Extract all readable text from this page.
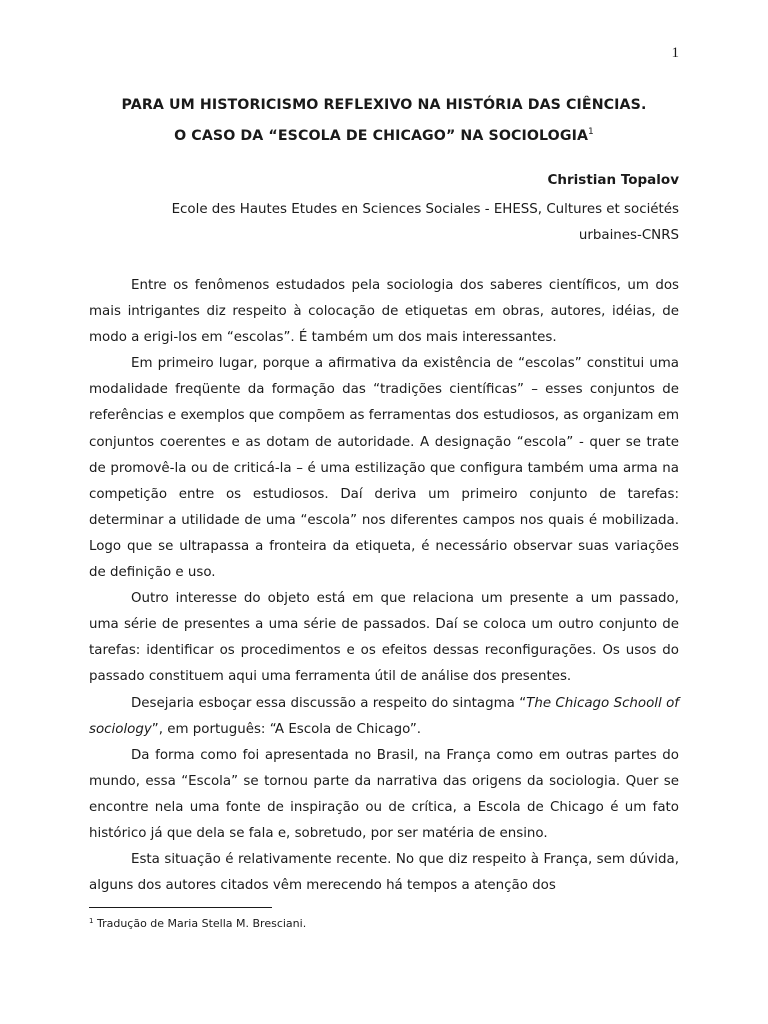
1
PARA UM HISTORICISMO REFLEXIVO NA HISTÓRIA DAS CIÊNCIAS.
O CASO DA “ESCOLA DE CHICAGO” NA SOCIOLOGIA$^1$
Christian Topalov
Ecole des Hautes Etudes en Sciences Sociales - EHESS, Cultures et sociétés
urbaines-CNRS

Entre os fenômenos estudados pela sociologia dos saberes científicos, um dos mais intrigantes diz respeito à colocação de etiquetas em obras, autores, idéias, de modo a erigi-los em “escolas”. É também um dos mais interessantes.

Em primeiro lugar, porque a afirmativa da existência de “escolas” constitui uma modalidade freqüente da formação das “tradições científicas” – esses conjuntos de referências e exemplos que compõem as ferramentas dos estudiosos, as organizam em conjuntos coerentes e as dotam de autoridade. A designação “escola” - quer se trate de promovê-la ou de criticá-la – é uma estilização que configura também uma arma na competição entre os estudiosos. Daí deriva um primeiro conjunto de tarefas: determinar a utilidade de uma “escola” nos diferentes campos nos quais é mobilizada. Logo que se ultrapassa a fronteira da etiqueta, é necessário observar suas variações de definição e uso.

Outro interesse do objeto está em que relaciona um presente a um passado, uma série de presentes a uma série de passados. Daí se coloca um outro conjunto de tarefas: identificar os procedimentos e os efeitos dessas reconfigurações. Os usos do passado constituem aqui uma ferramenta útil de análise dos presentes.

Desejaria esboçar essa discussão a respeito do sintagma “The Chicago Schooll of sociology”, em português: “A Escola de Chicago”.

Da forma como foi apresentada no Brasil, na França como em outras partes do mundo, essa “Escola” se tornou parte da narrativa das origens da sociologia. Quer se encontre nela uma fonte de inspiração ou de crítica, a Escola de Chicago é um fato histórico já que dela se fala e, sobretudo, por ser matéria de ensino.

Esta situação é relativamente recente. No que diz respeito à França, sem dúvida, alguns dos autores citados vêm merecendo há tempos a atenção dos

$^1$ Tradução de Maria Stella M. Bresciani.
